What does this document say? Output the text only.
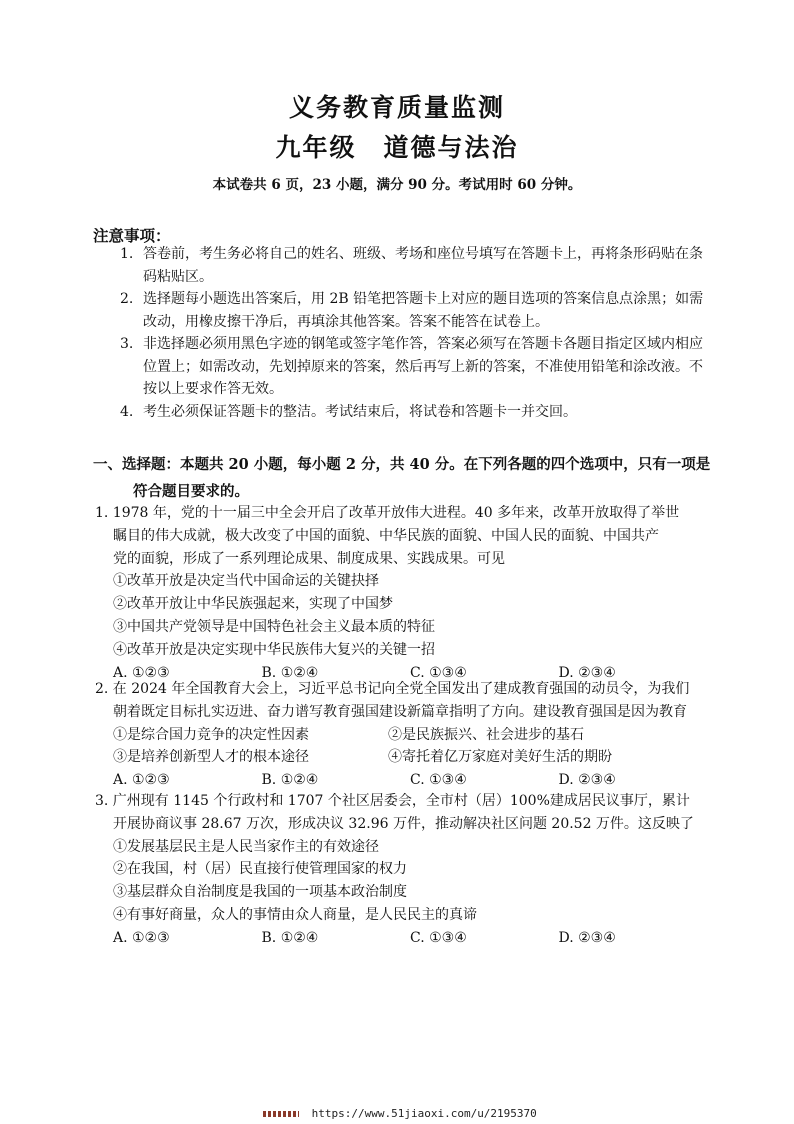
义务教育质量监测
九年级　道德与法治
本试卷共 6 页，23 小题，满分 90 分。考试用时 60 分钟。
注意事项：
1. 答卷前，考生务必将自己的姓名、班级、考场和座位号填写在答题卡上，再将条形码贴在条码粘贴区。
2. 选择题每小题选出答案后，用 2B 铅笔把答题卡上对应的题目选项的答案信息点涂黑；如需改动，用橡皮擦干净后，再填涂其他答案。答案不能答在试卷上。
3. 非选择题必须用黑色字迹的钢笔或签字笔作答，答案必须写在答题卡各题目指定区域内相应位置上；如需改动，先划掉原来的答案，然后再写上新的答案，不准使用铅笔和涂改液。不按以上要求作答无效。
4. 考生必须保证答题卡的整洁。考试结束后，将试卷和答题卡一并交回。
一、选择题：本题共 20 小题，每小题 2 分，共 40 分。在下列各题的四个选项中，只有一项是
符合题目要求的。
1. 1978 年，党的十一届三中全会开启了改革开放伟大进程。40 多年来，改革开放取得了举世
瞩目的伟大成就，极大改变了中国的面貌、中华民族的面貌、中国人民的面貌、中国共产
党的面貌，形成了一系列理论成果、制度成果、实践成果。可见
①改革开放是决定当代中国命运的关键抉择
②改革开放让中华民族强起来，实现了中国梦
③中国共产党领导是中国特色社会主义最本质的特征
④改革开放是决定实现中华民族伟大复兴的关键一招
A. ①②③	B. ①②④	C. ①③④	D. ②③④
2. 在 2024 年全国教育大会上，习近平总书记向全党全国发出了建成教育强国的动员令，为我们
朝着既定目标扎实迈进、奋力谱写教育强国建设新篇章指明了方向。建设教育强国是因为教育
①是综合国力竞争的决定性因素	②是民族振兴、社会进步的基石
③是培养创新型人才的根本途径	④寄托着亿万家庭对美好生活的期盼
A. ①②③	B. ①②④	C. ①③④	D. ②③④
3. 广州现有 1145 个行政村和 1707 个社区居委会，全市村（居）100%建成居民议事厅，累计
开展协商议事 28.67 万次，形成决议 32.96 万件，推动解决社区问题 20.52 万件。这反映了
①发展基层民主是人民当家作主的有效途径
②在我国，村（居）民直接行使管理国家的权力
③基层群众自治制度是我国的一项基本政治制度
④有事好商量，众人的事情由众人商量，是人民民主的真谛
A. ①②③	B. ①②④	C. ①③④	D. ②③④
https://www.51jiaoxi.com/u/2195370
